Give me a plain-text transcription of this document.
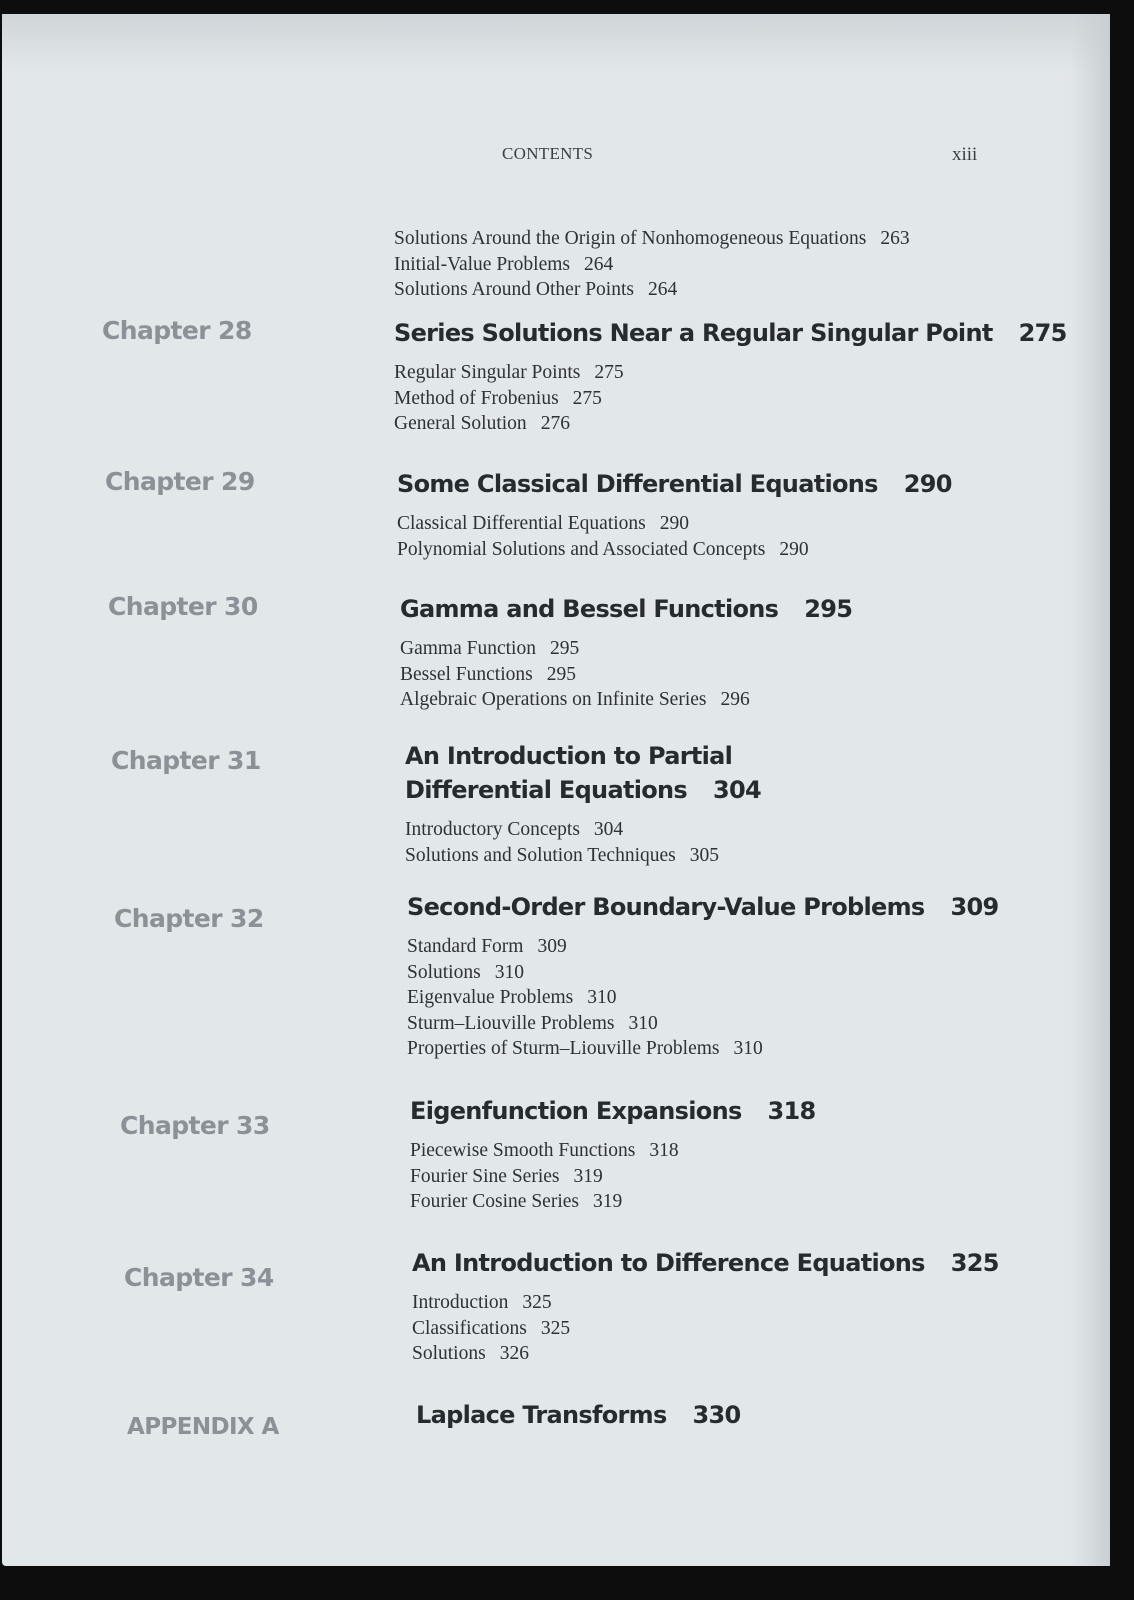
CONTENTS	xiii
Solutions Around the Origin of Nonhomogeneous Equations 263
Initial-Value Problems 264
Solutions Around Other Points 264
Chapter 28	Series Solutions Near a Regular Singular Point 275
Regular Singular Points 275
Method of Frobenius 275
General Solution 276
Chapter 29	Some Classical Differential Equations 290
Classical Differential Equations 290
Polynomial Solutions and Associated Concepts 290
Chapter 30	Gamma and Bessel Functions 295
Gamma Function 295
Bessel Functions 295
Algebraic Operations on Infinite Series 296
Chapter 31	An Introduction to Partial
Differential Equations 304
Introductory Concepts 304
Solutions and Solution Techniques 305
Chapter 32	Second-Order Boundary-Value Problems 309
Standard Form 309
Solutions 310
Eigenvalue Problems 310
Sturm–Liouville Problems 310
Properties of Sturm–Liouville Problems 310
Chapter 33	Eigenfunction Expansions 318
Piecewise Smooth Functions 318
Fourier Sine Series 319
Fourier Cosine Series 319
Chapter 34	An Introduction to Difference Equations 325
Introduction 325
Classifications 325
Solutions 326
APPENDIX A	Laplace Transforms 330
